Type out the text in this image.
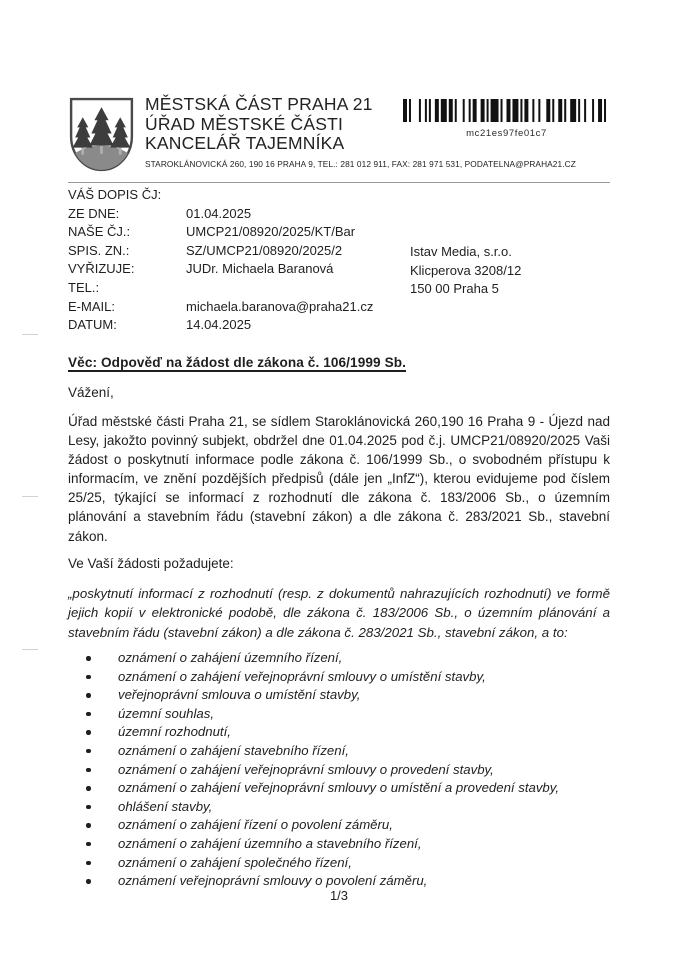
MĚSTSKÁ ČÁST PRAHA 21
ÚŘAD MĚSTSKÉ ČÁSTI
KANCELÁŘ TAJEMNÍKA
STAROKLÁNOVICKÁ 260, 190 16 PRAHA 9, TEL.: 281 012 911, FAX: 281 971 531, PODATELNA@PRAHA21.CZ
mc21es97fe01c7
VÁŠ DOPIS ČJ:
ZE DNE:	01.04.2025
NAŠE ČJ.:	UMCP21/08920/2025/KT/Bar
SPIS. ZN.:	SZ/UMCP21/08920/2025/2
VYŘIZUJE:	JUDr. Michaela Baranová
TEL.:
E-MAIL:	michaela.baranova@praha21.cz
DATUM:	14.04.2025
Istav Media, s.r.o.
Klicperova 3208/12
150 00 Praha 5
Věc: Odpověď na žádost dle zákona č. 106/1999 Sb.
Vážení,

Úřad městské části Praha 21, se sídlem Staroklánovická 260,190 16 Praha 9 - Újezd nad Lesy, jakožto povinný subjekt, obdržel dne 01.04.2025 pod č.j. UMCP21/08920/2025 Vaši žádost o poskytnutí informace podle zákona č. 106/1999 Sb., o svobodném přístupu k informacím, ve znění pozdějších předpisů (dále jen „InfZ“), kterou evidujeme pod číslem 25/25, týkající se informací z rozhodnutí dle zákona č. 183/2006 Sb., o územním plánování a stavebním řádu (stavební zákon) a dle zákona č. 283/2021 Sb., stavební zákon.

Ve Vaší žádosti požadujete:

„poskytnutí informací z rozhodnutí (resp. z dokumentů nahrazujících rozhodnutí) ve formě jejich kopií v elektronické podobě, dle zákona č. 183/2006 Sb., o územním plánování a stavebním řádu (stavební zákon) a dle zákona č. 283/2021 Sb., stavební zákon, a to:

oznámení o zahájení územního řízení,
oznámení o zahájení veřejnoprávní smlouvy o umístění stavby,
veřejnoprávní smlouva o umístění stavby,
územní souhlas,
územní rozhodnutí,
oznámení o zahájení stavebního řízení,
oznámení o zahájení veřejnoprávní smlouvy o provedení stavby,
oznámení o zahájení veřejnoprávní smlouvy o umístění a provedení stavby,
ohlášení stavby,
oznámení o zahájení řízení o povolení záměru,
oznámení o zahájení územního a stavebního řízení,
oznámení o zahájení společného řízení,
oznámení veřejnoprávní smlouvy o povolení záměru,
1/3
